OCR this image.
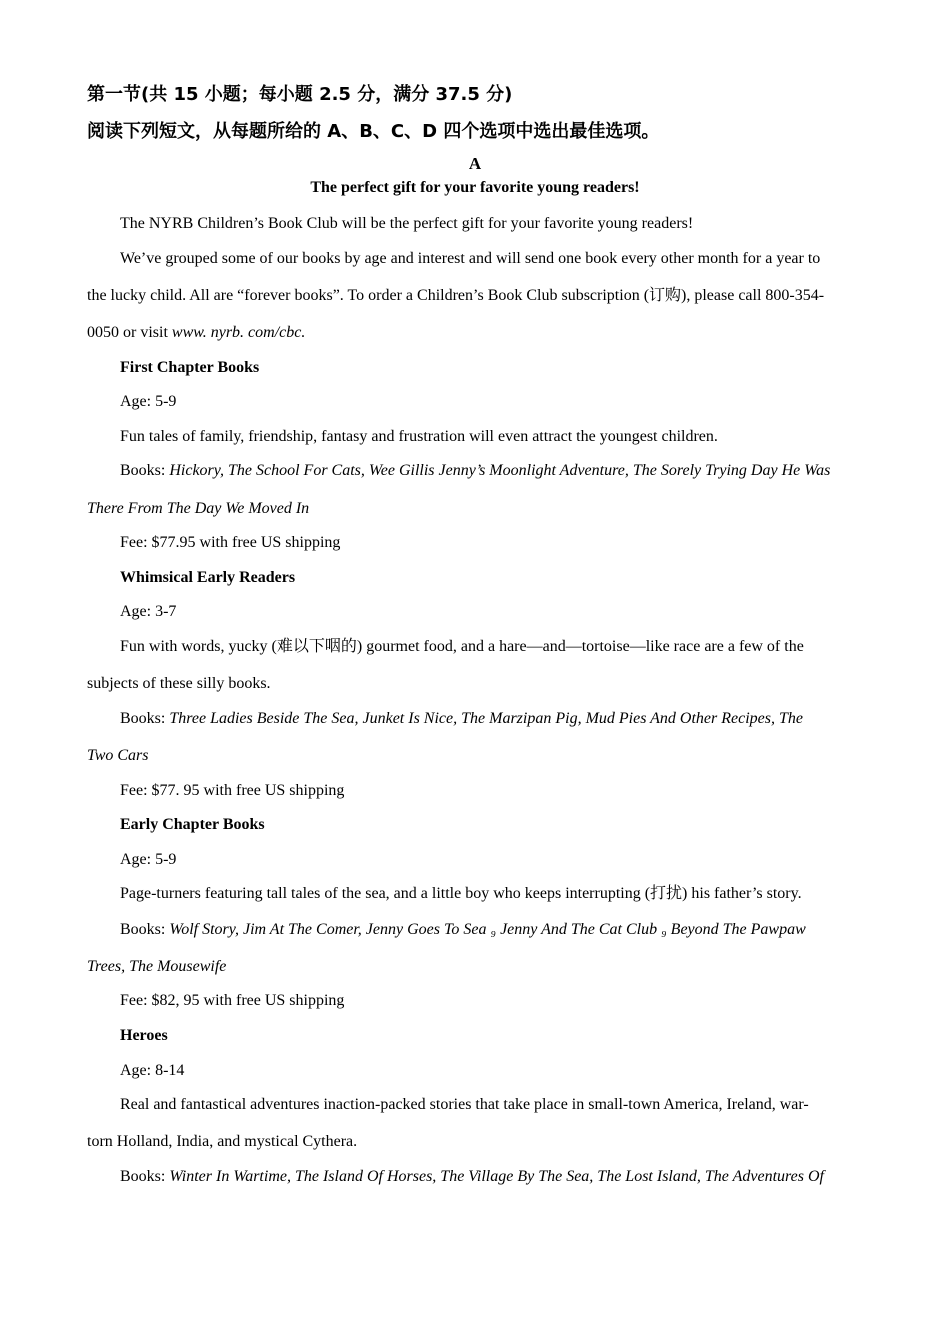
第一节(共 15 小题；每小题 2.5 分，满分 37.5 分)
阅读下列短文，从每题所给的 A、B、C、D 四个选项中选出最佳选项。
A
The perfect gift for your favorite young readers!
The NYRB Children’s Book Club will be the perfect gift for your favorite young readers!
We’ve grouped some of our books by age and interest and will send one book every other month for a year to
the lucky child. All are “forever books”. To order a Children’s Book Club subscription (订购), please call 800-354-
0050 or visit www. nyrb. com/cbc.
First Chapter Books
Age: 5-9
Fun tales of family, friendship, fantasy and frustration will even attract the youngest children.
Books: Hickory, The School For Cats, Wee Gillis Jenny’s Moonlight Adventure, The Sorely Trying Day He Was
There From The Day We Moved In
Fee: $77.95 with free US shipping
Whimsical Early Readers
Age: 3-7
Fun with words, yucky (难以下咽的) gourmet food, and a hare—and—tortoise—like race are a few of the
subjects of these silly books.
Books: Three Ladies Beside The Sea, Junket Is Nice, The Marzipan Pig, Mud Pies And Other Recipes, The
Two Cars
Fee: $77. 95 with free US shipping
Early Chapter Books
Age: 5-9
Page-turners featuring tall tales of the sea, and a little boy who keeps interrupting (打扰) his father’s story.
Books: Wolf Story, Jim At The Comer, Jenny Goes To Sea ₉ Jenny And The Cat Club ₉ Beyond The Pawpaw
Trees, The Mousewife
Fee: $82, 95 with free US shipping
Heroes
Age: 8-14
Real and fantastical adventures inaction-packed stories that take place in small-town America, Ireland, war-
torn Holland, India, and mystical Cythera.
Books: Winter In Wartime, The Island Of Horses, The Village By The Sea, The Lost Island, The Adventures Of
